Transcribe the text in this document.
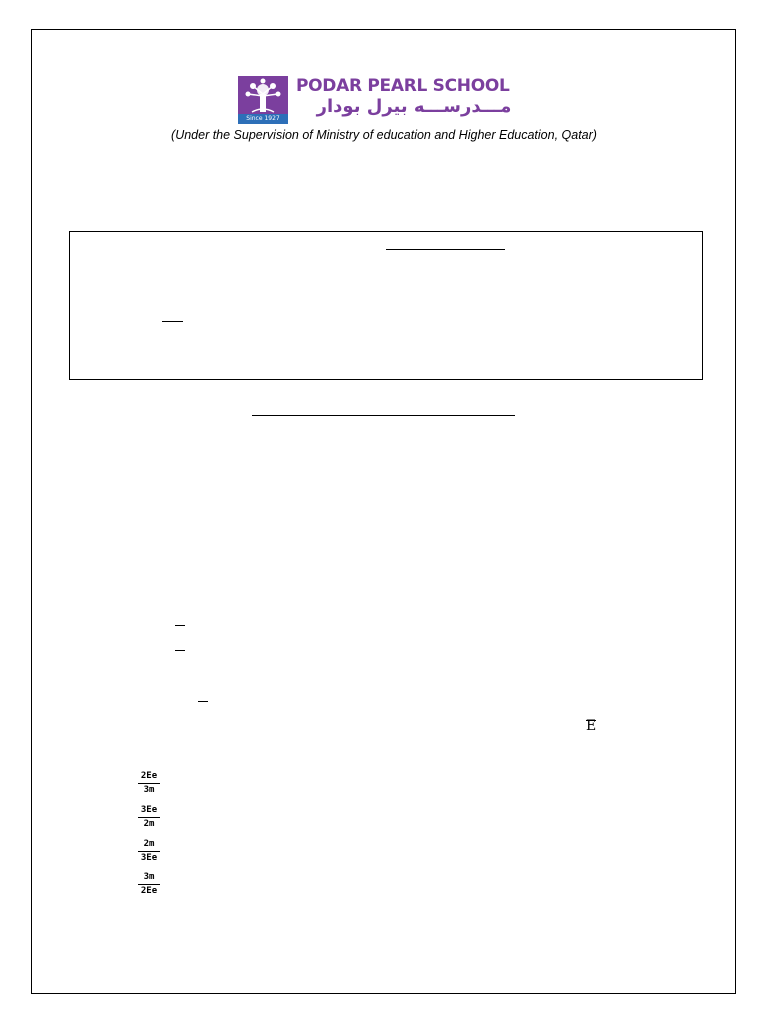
Since 1927
PODAR PEARL SCHOOL
مـــدرســـه بيرل بودار
(Under the Supervision of Ministry of education and Higher Education, Qatar)
E
$\frac{2Ee}{3m}$
$\frac{3Ee}{2m}$
$\frac{2m}{3Ee}$
$\frac{3m}{2Ee}$
